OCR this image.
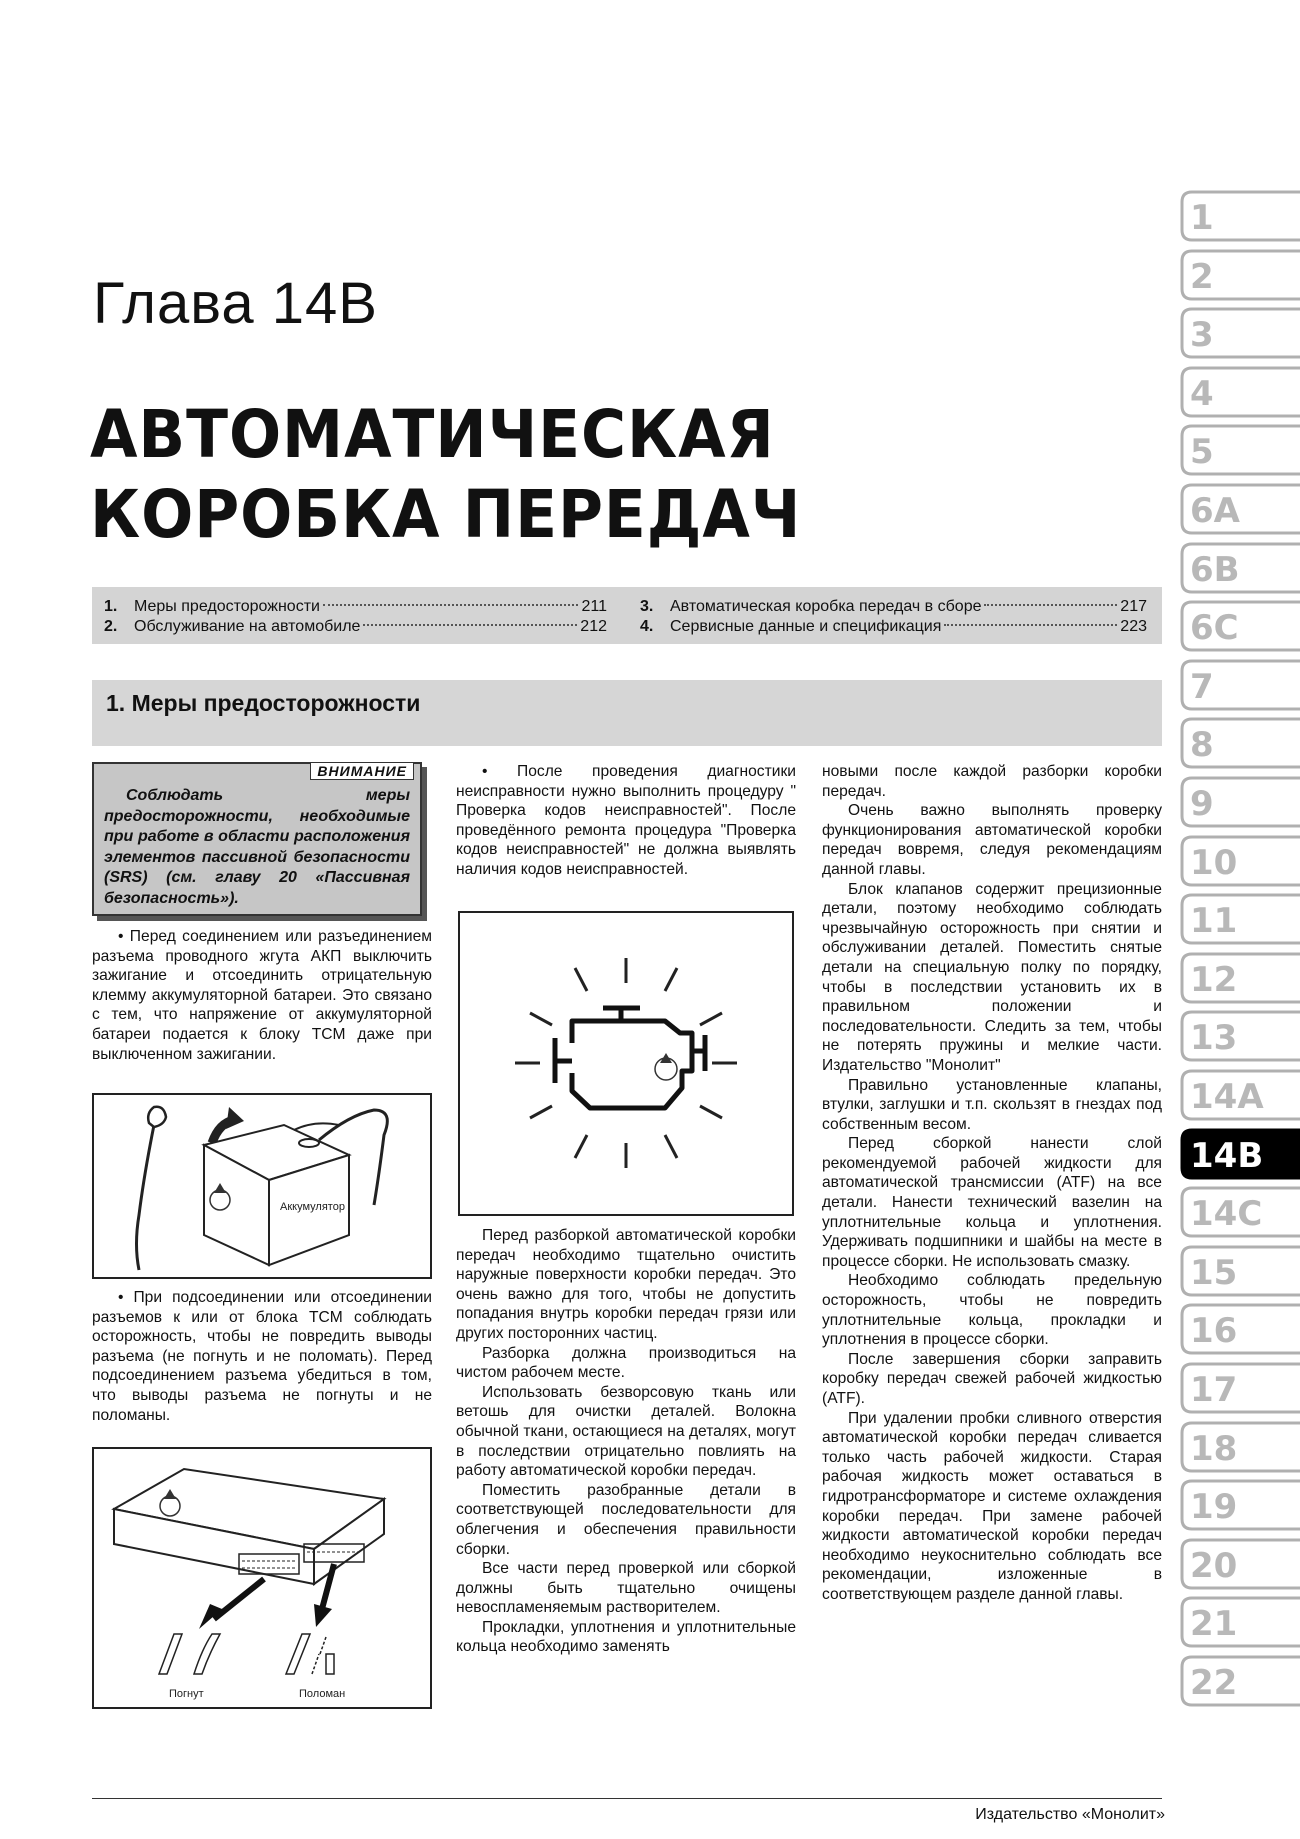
Глава 14B
АВТОМАТИЧЕСКАЯ
КОРОБКА ПЕРЕДАЧ
1.	Меры предосторожности	211
2.	Обслуживание на автомобиле	212
3.	Автоматическая коробка передач в сборе	217
4.	Сервисные данные и спецификация	223
1. Меры предосторожности
ВНИМАНИЕ
Соблюдать меры предосторожности, необходимые при работе в области расположения элементов пассивной безопасности (SRS) (см. главу 20 «Пассивная безопасность»).

• Перед соединением или разъединением разъема проводного жгута АКП выключить зажигание и отсоединить отрицательную клемму аккумуляторной батареи. Это связано с тем, что напряжение от аккумуляторной батареи подается к блоку TCM даже при выключенном зажигании.

Аккумулятор

• При подсоединении или отсоединении разъемов к или от блока TCM соблюдать осторожность, чтобы не повредить выводы разъема (не погнуть и не поломать). Перед подсоединением разъема убедиться в том, что выводы разъема не погнуты и не поломаны.

Погнут	Поломан

• После проведения диагностики неисправности нужно выполнить процедуру " Проверка кодов неисправностей". После проведённого ремонта процедура "Проверка кодов неисправностей" не должна выявлять наличия кодов неисправностей.

Перед разборкой автоматической коробки передач необходимо тщательно очистить наружные поверхности коробки передач. Это очень важно для того, чтобы не допустить попадания внутрь коробки передач грязи или других посторонних частиц.

Разборка должна производиться на чистом рабочем месте.

Использовать безворсовую ткань или ветошь для очистки деталей. Волокна обычной ткани, остающиеся на деталях, могут в последствии отрицательно повлиять на работу автоматической коробки передач.

Поместить разобранные детали в соответствующей последовательности для облегчения и обеспечения правильности сборки.

Все части перед проверкой или сборкой должны быть тщательно очищены невоспламеняемым растворителем.

Прокладки, уплотнения и уплотнительные кольца необходимо заменять

новыми после каждой разборки коробки передач.

Очень важно выполнять проверку функционирования автоматической коробки передач вовремя, следуя рекомендациям данной главы.

Блок клапанов содержит прецизионные детали, поэтому необходимо соблюдать чрезвычайную осторожность при снятии и обслуживании деталей. Поместить снятые детали на специальную полку по порядку, чтобы в последствии установить их в правильном положении и последовательности. Следить за тем, чтобы не потерять пружины и мелкие части. Издательство "Монолит"

Правильно установленные клапаны, втулки, заглушки и т.п. скользят в гнездах под собственным весом.

Перед сборкой нанести слой рекомендуемой рабочей жидкости для автоматической трансмиссии (ATF) на все детали. Нанести технический вазелин на уплотнительные кольца и уплотнения. Удерживать подшипники и шайбы на месте в процессе сборки. Не использовать смазку.

Необходимо соблюдать предельную осторожность, чтобы не повредить уплотнительные кольца, прокладки и уплотнения в процессе сборки.

После завершения сборки заправить коробку передач свежей рабочей жидкостью (ATF).

При удалении пробки сливного отверстия автоматической коробки передач сливается только часть рабочей жидкости. Старая рабочая жидкость может оставаться в гидротрансформаторе и системе охлаждения коробки передач. При замене рабочей жидкости автоматической коробки передач необходимо неукоснительно соблюдать все рекомендации, изложенные в соответствующем разделе данной главы.

1
2
3
4
5
6A
6B
6C
7
8
9
10
11
12
13
14A
14B
14C
15
16
17
18
19
20
21
22
Издательство «Монолит»
